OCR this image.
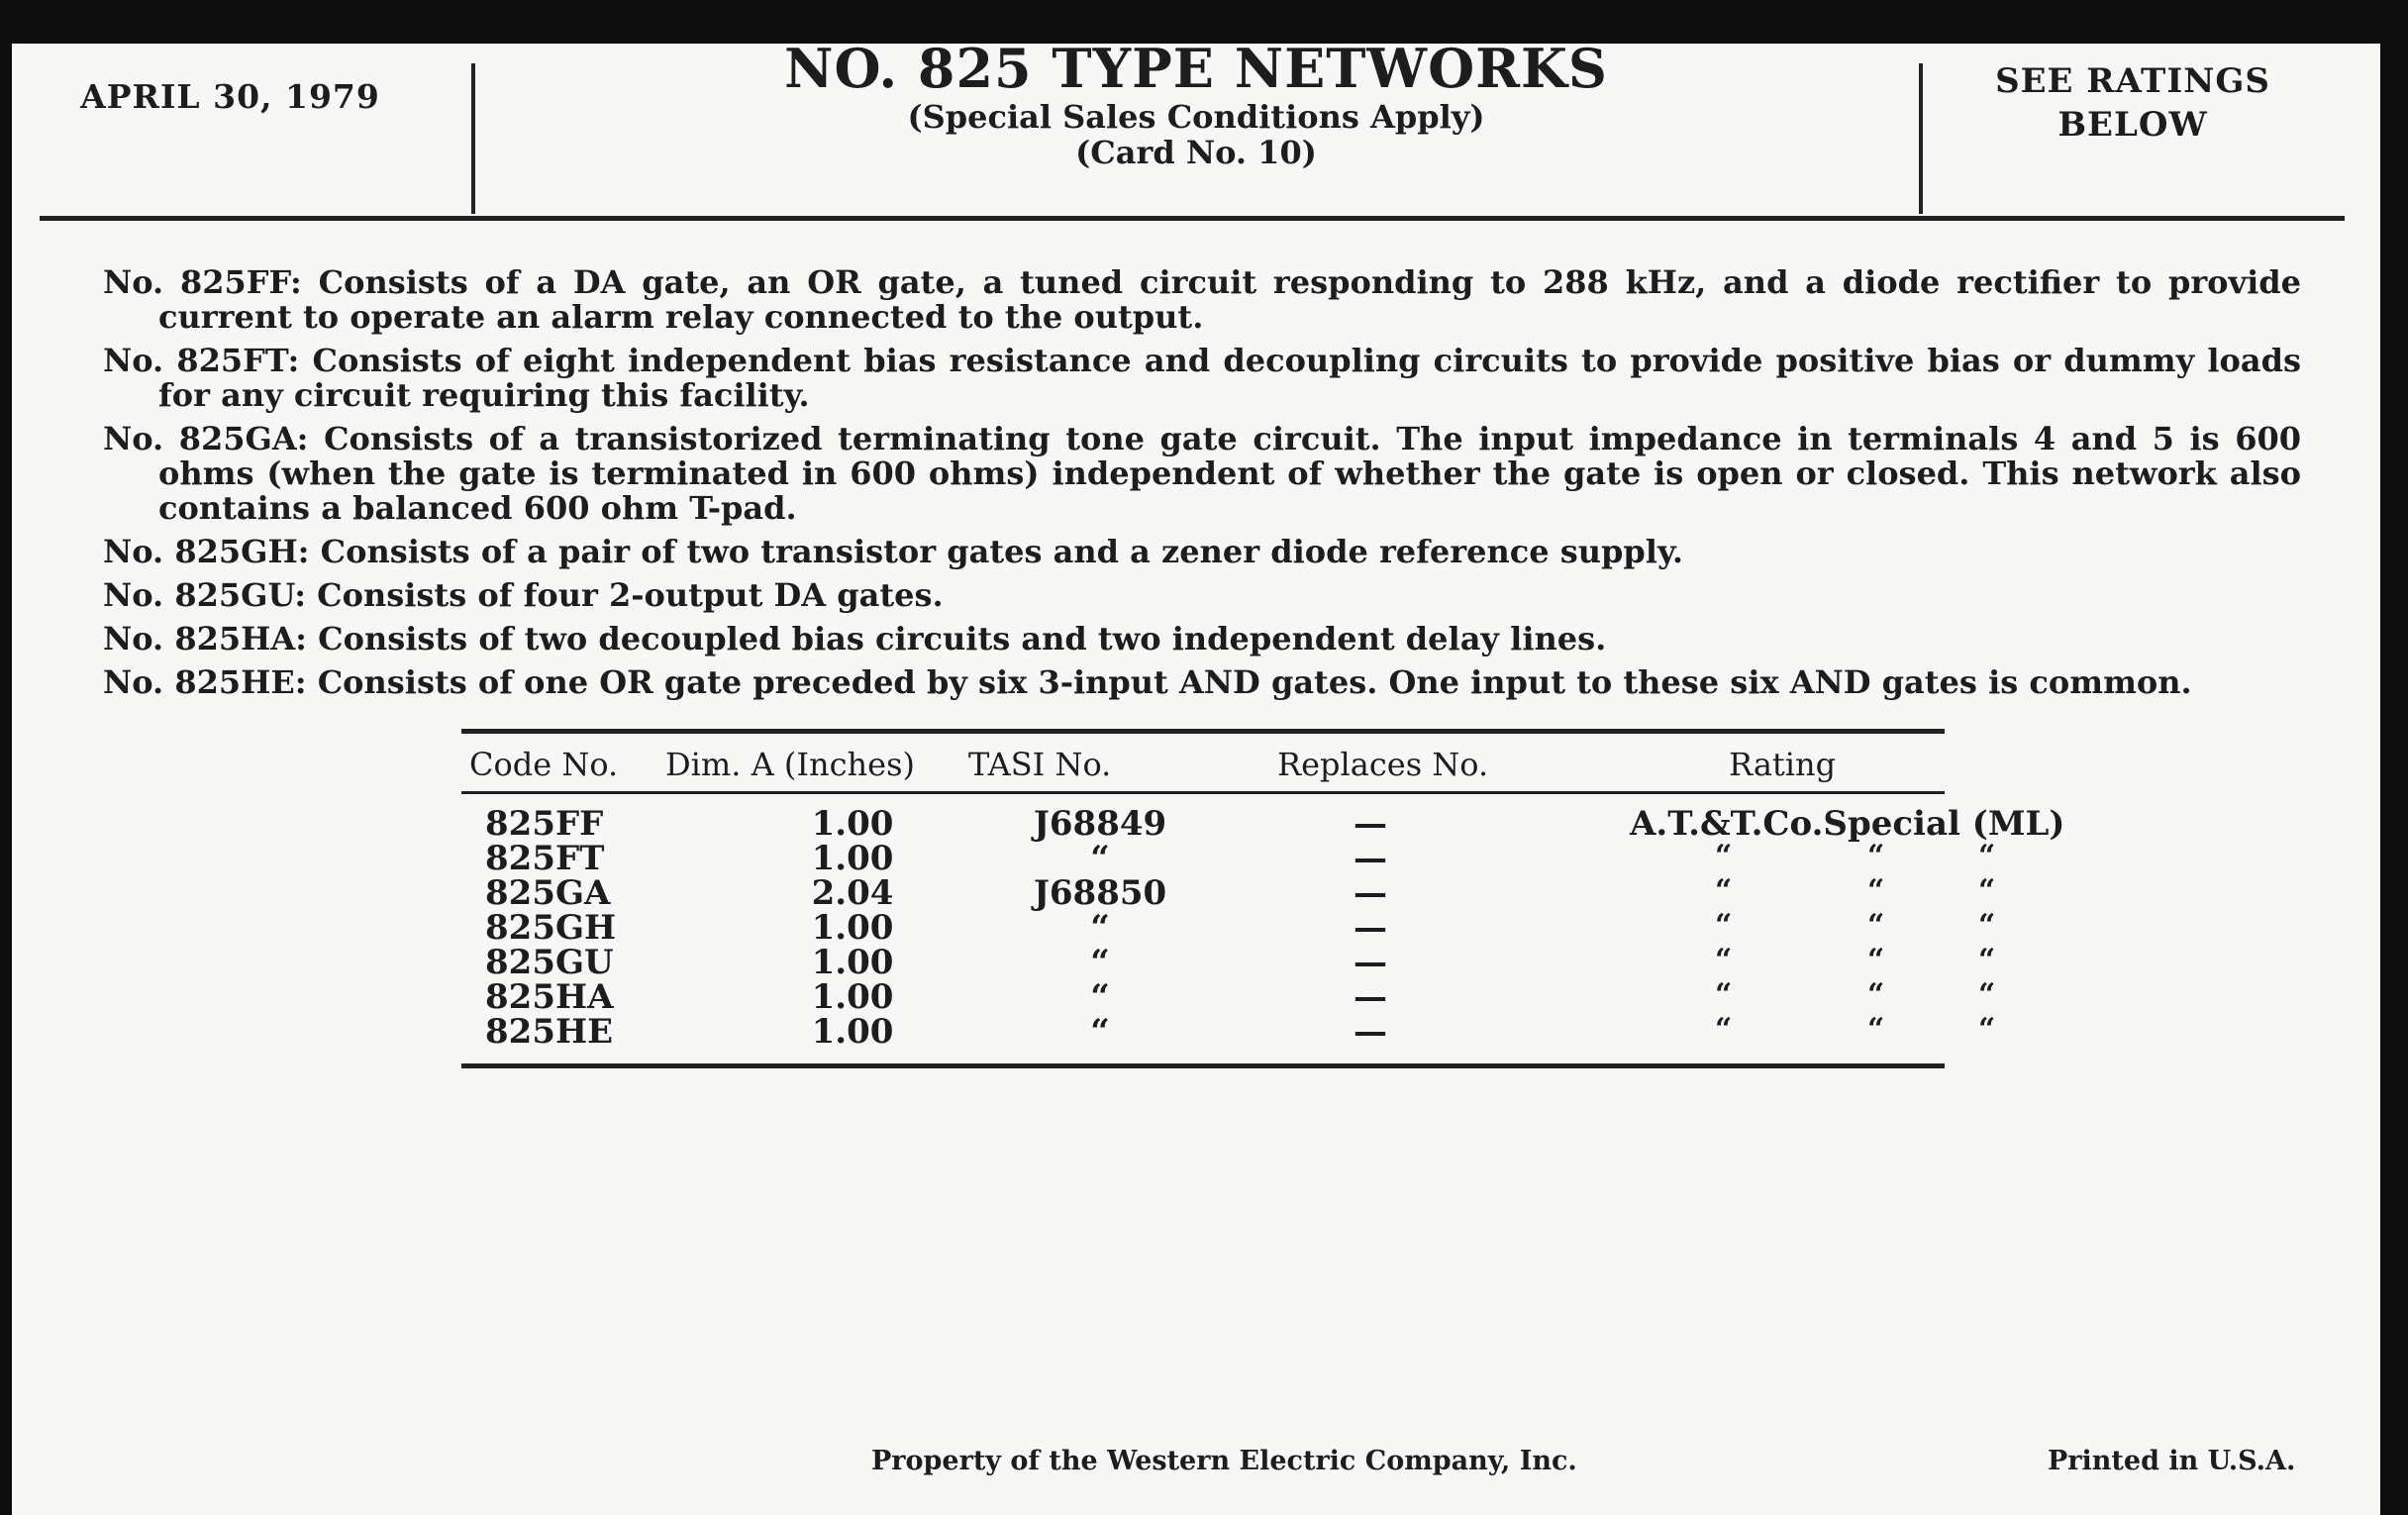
APRIL 30, 1979	NO. 825 TYPE NETWORKS
(Special Sales Conditions Apply)
(Card No. 10)
SEE RATINGS
BELOW
No. 825FF: Consists of a DA gate, an OR gate, a tuned circuit responding to 288 kHz, and a diode rectifier to provide current to operate an alarm relay connected to the output.
No. 825FT: Consists of eight independent bias resistance and decoupling circuits to provide positive bias or dummy loads for any circuit requiring this facility.
No. 825GA: Consists of a transistorized terminating tone gate circuit. The input impedance in terminals 4 and 5 is 600 ohms (when the gate is terminated in 600 ohms) independent of whether the gate is open or closed. This network also contains a balanced 600 ohm T-pad.
No. 825GH: Consists of a pair of two transistor gates and a zener diode reference supply.
No. 825GU: Consists of four 2-output DA gates.
No. 825HA: Consists of two decoupled bias circuits and two independent delay lines.
No. 825HE: Consists of one OR gate preceded by six 3-input AND gates. One input to these six AND gates is common.
Code No. Dim. A (Inches) TASI No.	Replaces No.	Rating
825FF	1.00	J68849	—	A.T.&T.Co.Special (ML)
825FT	1.00	“	—	“	“	“
825GA	2.04	J68850	—	“	“	“
825GH	1.00	“	—	“	“	“
825GU	1.00	“	—	“	“	“
825HA	1.00	“	—	“	“	“
825HE	1.00	“	—	“	“	“
Property of the Western Electric Company, Inc.	Printed in U.S.A.
